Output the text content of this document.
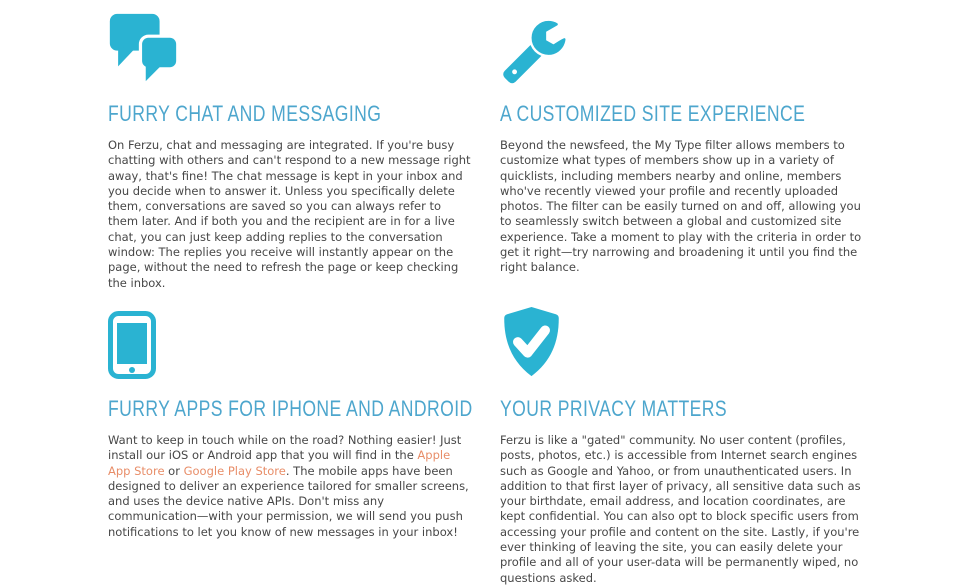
FURRY CHAT AND MESSAGING

On Ferzu, chat and messaging are integrated. If you're busy chatting with others and can't respond to a new message right away, that's fine! The chat message is kept in your inbox and you decide when to answer it. Unless you specifically delete them, conversations are saved so you can always refer to them later. And if both you and the recipient are in for a live chat, you can just keep adding replies to the conversation window: The replies you receive will instantly appear on the page, without the need to refresh the page or keep checking the inbox.

A CUSTOMIZED SITE EXPERIENCE

Beyond the newsfeed, the My Type filter allows members to customize what types of members show up in a variety of quicklists, including members nearby and online, members who've recently viewed your profile and recently uploaded photos. The filter can be easily turned on and off, allowing you to seamlessly switch between a global and customized site experience. Take a moment to play with the criteria in order to get it right—try narrowing and broadening it until you find the right balance.

FURRY APPS FOR IPHONE AND ANDROID

Want to keep in touch while on the road? Nothing easier! Just install our iOS or Android app that you will find in the Apple App Store or Google Play Store. The mobile apps have been designed to deliver an experience tailored for smaller screens, and uses the device native APIs. Don't miss any communication—with your permission, we will send you push notifications to let you know of new messages in your inbox!

YOUR PRIVACY MATTERS

Ferzu is like a "gated" community. No user content (profiles, posts, photos, etc.) is accessible from Internet search engines such as Google and Yahoo, or from unauthenticated users. In addition to that first layer of privacy, all sensitive data such as your birthdate, email address, and location coordinates, are kept confidential. You can also opt to block specific users from accessing your profile and content on the site. Lastly, if you're ever thinking of leaving the site, you can easily delete your profile and all of your user-data will be permanently wiped, no questions asked.
